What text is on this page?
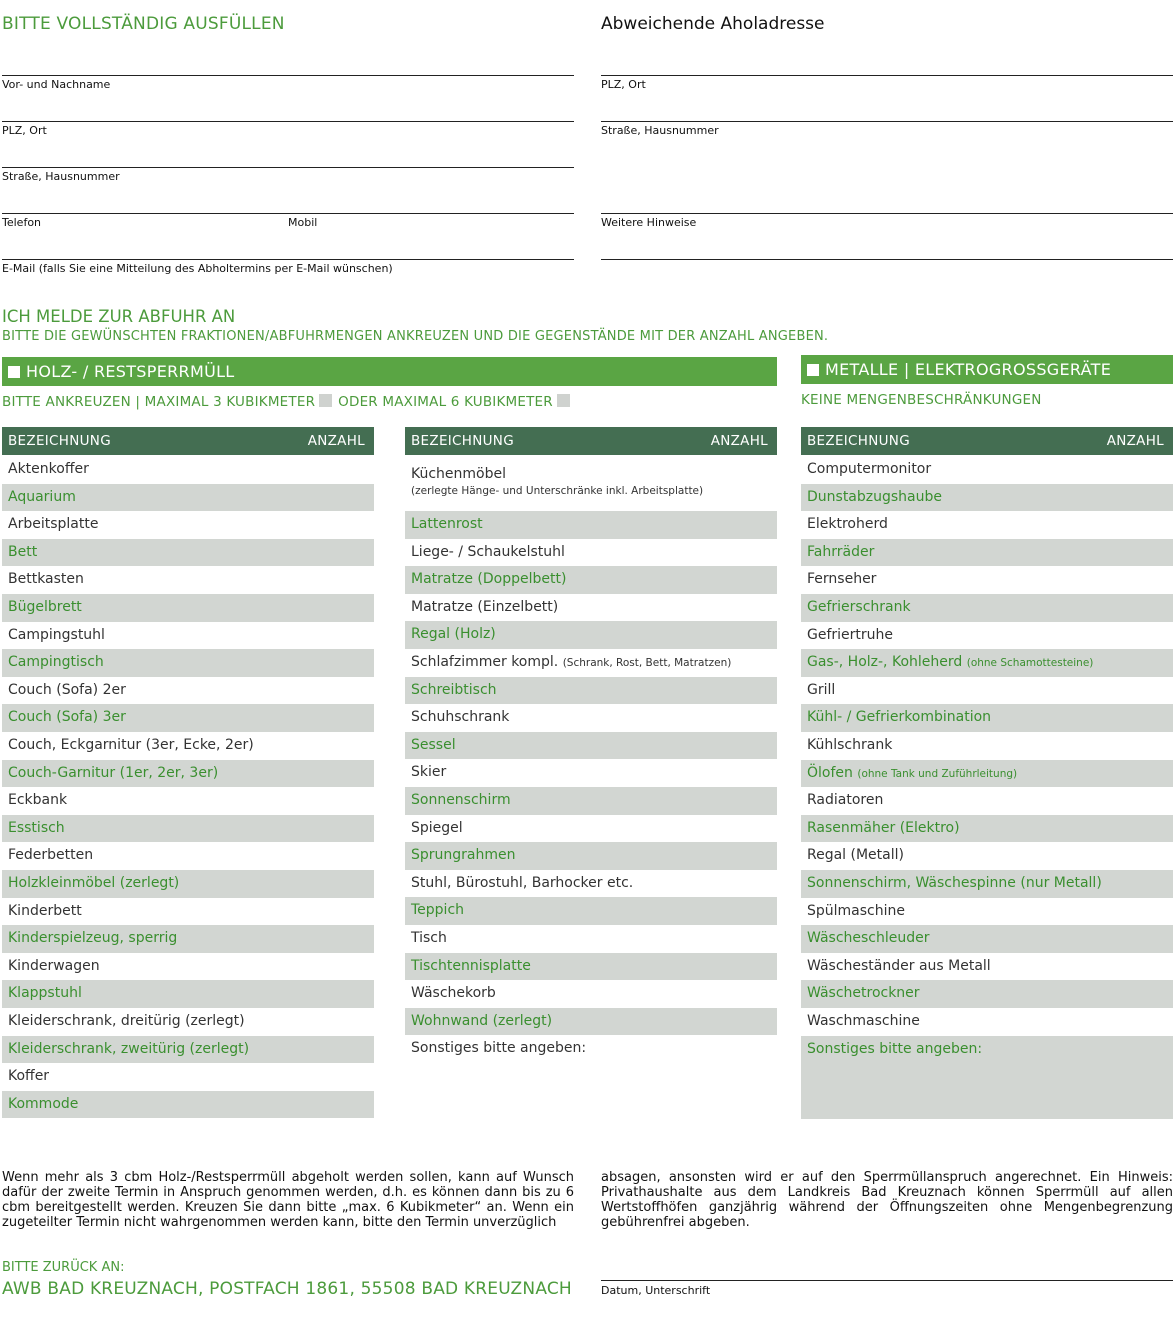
BITTE VOLLSTÄNDIG AUSFÜLLEN	Abweichende Aholadresse
Vor- und Nachname
PLZ, Ort
Straße, Hausnummer
Telefon	Mobil
E-Mail (falls Sie eine Mitteilung des Abholtermins per E-Mail wünschen)
PLZ, Ort
Straße, Hausnummer
Weitere Hinweise
ICH MELDE ZUR ABFUHR AN
BITTE DIE GEWÜNSCHTEN FRAKTIONEN/ABFUHRMENGEN ANKREUZEN UND DIE GEGENSTÄNDE MIT DER ANZAHL ANGEBEN.
HOLZ- / RESTSPERRMÜLL	METALLE | ELEKTROGROSSGERÄTE
BITTE ANKREUZEN | MAXIMAL 3 KUBIKMETER ODER MAXIMAL 6 KUBIKMETER	KEINE MENGENBESCHRÄNKUNGEN
BEZEICHNUNG	ANZAHL	BEZEICHNUNG	ANZAHL	BEZEICHNUNG	ANZAHL
Aktenkoffer
Aquarium
Arbeitsplatte
Bett
Bettkasten
Bügelbrett
Campingstuhl
Campingtisch
Couch (Sofa) 2er
Couch (Sofa) 3er
Couch, Eckgarnitur (3er, Ecke, 2er)
Couch-Garnitur (1er, 2er, 3er)
Eckbank
Esstisch
Federbetten
Holzkleinmöbel (zerlegt)
Kinderbett
Kinderspielzeug, sperrig
Kinderwagen
Klappstuhl
Kleiderschrank, dreitürig (zerlegt)
Kleiderschrank, zweitürig (zerlegt)
Koffer
Kommode
Küchenmöbel
(zerlegte Hänge- und Unterschränke inkl. Arbeitsplatte)
Lattenrost
Liege- / Schaukelstuhl
Matratze (Doppelbett)
Matratze (Einzelbett)
Regal (Holz)
Schlafzimmer kompl. (Schrank, Rost, Bett, Matratzen)
Schreibtisch
Schuhschrank
Sessel
Skier
Sonnenschirm
Spiegel
Sprungrahmen
Stuhl, Bürostuhl, Barhocker etc.
Teppich
Tisch
Tischtennisplatte
Wäschekorb
Wohnwand (zerlegt)
Sonstiges bitte angeben:
Computermonitor
Dunstabzugshaube
Elektroherd
Fahrräder
Fernseher
Gefrierschrank
Gefriertruhe
Gas-, Holz-, Kohleherd (ohne Schamottesteine)
Grill
Kühl- / Gefrierkombination
Kühlschrank
Ölofen (ohne Tank und Zuführleitung)
Radiatoren
Rasenmäher (Elektro)
Regal (Metall)
Sonnenschirm, Wäschespinne (nur Metall)
Spülmaschine
Wäscheschleuder
Wäscheständer aus Metall
Wäschetrockner
Waschmaschine
Sonstiges bitte angeben:
Wenn mehr als 3 cbm Holz-/Restsperrmüll abgeholt werden sollen, kann auf Wunsch dafür der zweite Termin in Anspruch genommen werden, d.h. es können dann bis zu 6 cbm bereitgestellt werden. Kreuzen Sie dann bitte „max. 6 Kubikmeter“ an. Wenn ein zugeteilter Termin nicht wahrgenommen werden kann, bitte den Termin unverzüglich
absagen, ansonsten wird er auf den Sperrmüllanspruch angerechnet. Ein Hinweis: Privathaushalte aus dem Landkreis Bad Kreuznach können Sperrmüll auf allen Wertstoffhöfen ganzjährig während der Öffnungszeiten ohne Mengenbegrenzung gebührenfrei abgeben.
BITTE ZURÜCK AN:
AWB BAD KREUZNACH, POSTFACH 1861, 55508 BAD KREUZNACH	Datum, Unterschrift
